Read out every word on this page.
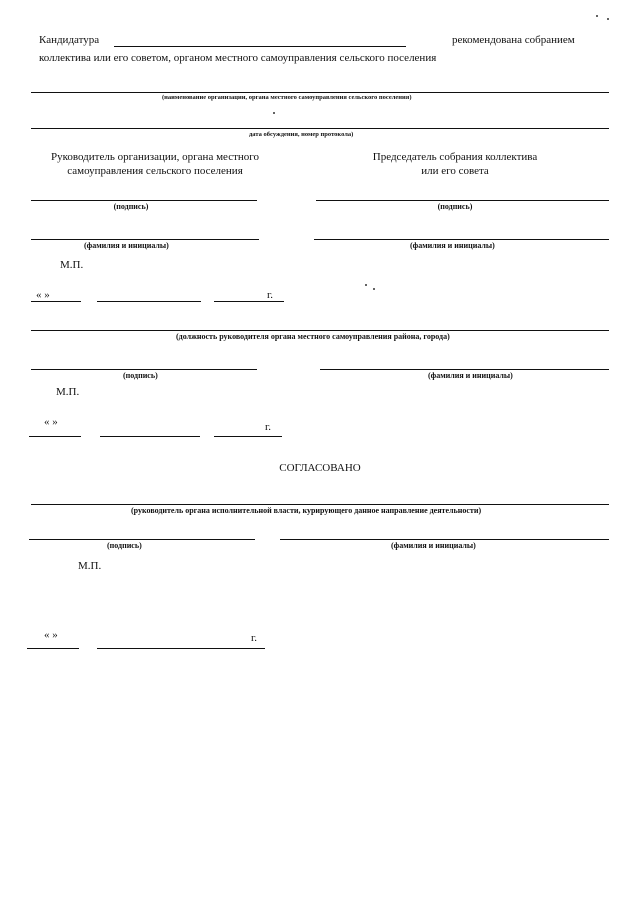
Кандидатура	рекомендована собранием
коллектива или его советом, органом местного самоуправления сельского поселения
(наименование организации, органа местного самоуправления сельского поселения)
дата обсуждения, номер протокола)
Руководитель организации, органа местного
самоуправления сельского поселения
Председатель собрания коллектива
или его совета
(подпись)	(подпись)
(фамилия и инициалы)	(фамилия и инициалы)
М.П.
« »	г.
(должность руководителя органа местного самоуправления района, города)
(подпись)	(фамилия и инициалы)
М.П.
« »	г.
СОГЛАСОВАНО
(руководитель органа исполнительной власти, курирующего данное направление деятельности)
(подпись)	(фамилия и инициалы)
М.П.
« »	г.
